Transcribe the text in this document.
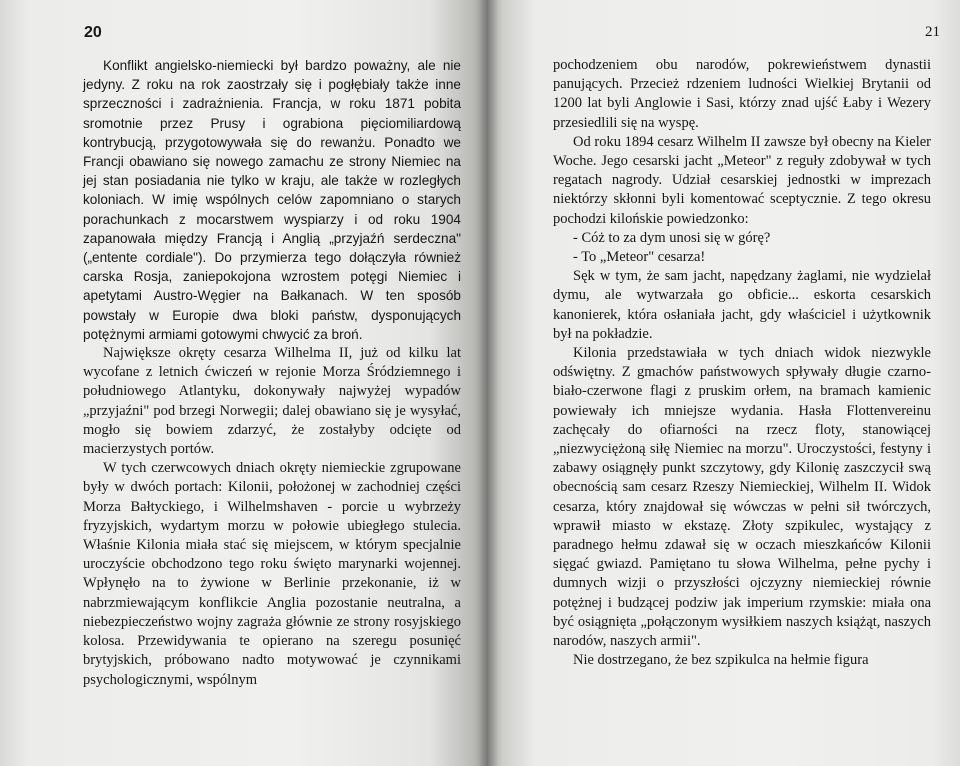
20

Konflikt angielsko-niemiecki był bardzo poważny, ale nie jedyny. Z roku na rok zaostrzały się i pogłębiały także inne sprzeczności i zadrażnienia. Francja, w roku 1871 pobita sromotnie przez Prusy i ograbiona pięciomiliardową kontrybucją, przygotowywała się do rewanżu. Ponadto we Francji obawiano się nowego zamachu ze strony Niemiec na jej stan posiadania nie tylko w kraju, ale także w rozległych koloniach. W imię wspólnych celów zapomniano o starych porachunkach z mocarstwem wyspiarzy i od roku 1904 zapanowała między Francją i Anglią „przyjaźń serdeczna" („entente cordiale"). Do przymierza tego dołączyła również carska Rosja, zaniepokojona wzrostem potęgi Niemiec i apetytami Austro-Węgier na Bałkanach. W ten sposób powstały w Europie dwa bloki państw, dysponujących potężnymi armiami gotowymi chwycić za broń.

Największe okręty cesarza Wilhelma II, już od kilku lat wycofane z letnich ćwiczeń w rejonie Morza Śródziemnego i południowego Atlantyku, dokonywały najwyżej wypadów „przyjaźni" pod brzegi Norwegii; dalej obawiano się je wysyłać, mogło się bowiem zdarzyć, że zostałyby odcięte od macierzystych portów.

W tych czerwcowych dniach okręty niemieckie zgrupowane były w dwóch portach: Kilonii, położonej w zachodniej części Morza Bałtyckiego, i Wilhelmshaven - porcie u wybrzeży fryzyjskich, wydartym morzu w połowie ubiegłego stulecia. Właśnie Kilonia miała stać się miejscem, w którym specjalnie uroczyście obchodzono tego roku święto marynarki wojennej. Wpłynęło na to żywione w Berlinie przekonanie, iż w nabrzmiewającym konflikcie Anglia pozostanie neutralna, a niebezpieczeństwo wojny zagraża głównie ze strony rosyjskiego kolosa. Przewidywania te opierano na szeregu posunięć brytyjskich, próbowano nadto motywować je czynnikami psychologicznymi, wspólnym

21

pochodzeniem obu narodów, pokrewieństwem dynastii panujących. Przecież rdzeniem ludności Wielkiej Brytanii od 1200 lat byli Anglowie i Sasi, którzy znad ujść Łaby i Wezery przesiedlili się na wyspę.

Od roku 1894 cesarz Wilhelm II zawsze był obecny na Kieler Woche. Jego cesarski jacht „Meteor" z reguły zdobywał w tych regatach nagrody. Udział cesarskiej jednostki w imprezach niektórzy skłonni byli komentować sceptycznie. Z tego okresu pochodzi kilońskie powiedzonko:

- Cóż to za dym unosi się w górę?

- To „Meteor" cesarza!

Sęk w tym, że sam jacht, napędzany żaglami, nie wydzielał dymu, ale wytwarzała go obficie... eskorta cesarskich kanonierek, która osłaniała jacht, gdy właściciel i użytkownik był na pokładzie.

Kilonia przedstawiała w tych dniach widok niezwykle odświętny. Z gmachów państwowych spływały długie czarno-biało-czerwone flagi z pruskim orłem, na bramach kamienic powiewały ich mniejsze wydania. Hasła Flottenvereinu zachęcały do ofiarności na rzecz floty, stanowiącej „niezwyciężoną siłę Niemiec na morzu". Uroczystości, festyny i zabawy osiągnęły punkt szczytowy, gdy Kilonię zaszczycił swą obecnością sam cesarz Rzeszy Niemieckiej, Wilhelm II. Widok cesarza, który znajdował się wówczas w pełni sił twórczych, wprawił miasto w ekstazę. Złoty szpikulec, wystający z paradnego hełmu zdawał się w oczach mieszkańców Kilonii sięgać gwiazd. Pamiętano tu słowa Wilhelma, pełne pychy i dumnych wizji o przyszłości ojczyzny niemieckiej równie potężnej i budzącej podziw jak imperium rzymskie: miała ona być osiągnięta „połączonym wysiłkiem naszych książąt, naszych narodów, naszych armii".

Nie dostrzegano, że bez szpikulca na hełmie figura
